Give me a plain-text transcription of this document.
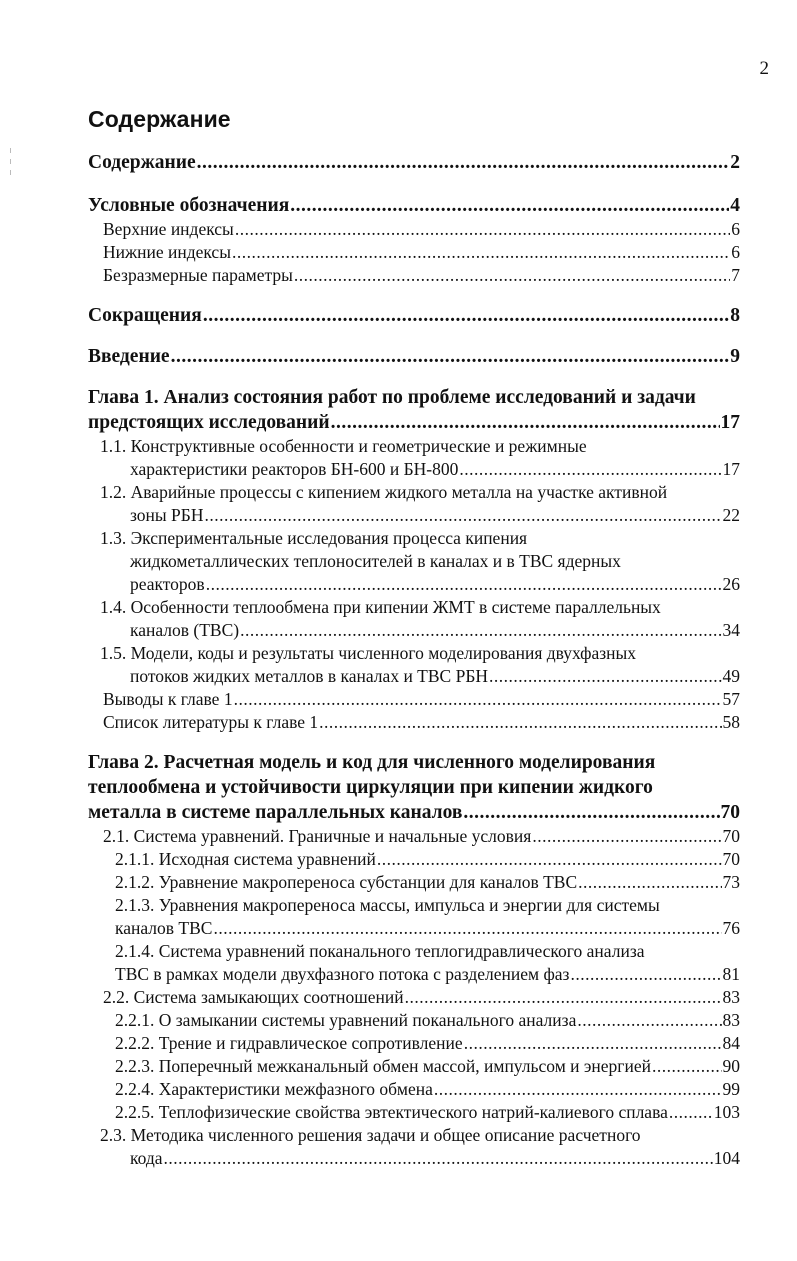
2
Содержание
Содержание .....	2
Условные обозначения .....	4
Верхние индексы .....	6
Нижние индексы .....	6
Безразмерные параметры .....	7
Сокращения .....	8
Введение .....	9
Глава 1. Анализ состояния работ по проблеме исследований и задачи
предстоящих исследований .....	17
1.1. Конструктивные особенности и геометрические и режимные
характеристики реакторов БН-600 и БН-800 .....	17
1.2. Аварийные процессы с кипением жидкого металла на участке активной
зоны РБН .....	22
1.3. Экспериментальные исследования процесса кипения
жидкометаллических теплоносителей в каналах и в ТВС ядерных
реакторов .....	26
1.4. Особенности теплообмена при кипении ЖМТ в системе параллельных
каналов (ТВС) .....	34
1.5. Модели, коды и результаты численного моделирования двухфазных
потоков жидких металлов в каналах и ТВС РБН .....	49
Выводы к главе 1 .....	57
Список литературы к главе 1 .....	58
Глава 2. Расчетная модель и код для численного моделирования
теплообмена и устойчивости циркуляции при кипении жидкого
металла в системе параллельных каналов .....	70
2.1. Система уравнений. Граничные и начальные условия .....	70
2.1.1. Исходная система уравнений .....	70
2.1.2. Уравнение макропереноса субстанции для каналов ТВС .....	73
2.1.3. Уравнения макропереноса массы, импульса и энергии для системы
каналов ТВС .....	76
2.1.4. Система уравнений поканального теплогидравлического анализа
ТВС в рамках модели двухфазного потока с разделением фаз .....	81
2.2. Система замыкающих соотношений .....	83
2.2.1. О замыкании системы уравнений поканального анализа .....	83
2.2.2. Трение и гидравлическое сопротивление .....	84
2.2.3. Поперечный межканальный обмен массой, импульсом и энергией .....	90
2.2.4. Характеристики межфазного обмена .....	99
2.2.5. Теплофизические свойства эвтектического натрий-калиевого сплава .....	103
2.3. Методика численного решения задачи и общее описание расчетного
кода .....	104
